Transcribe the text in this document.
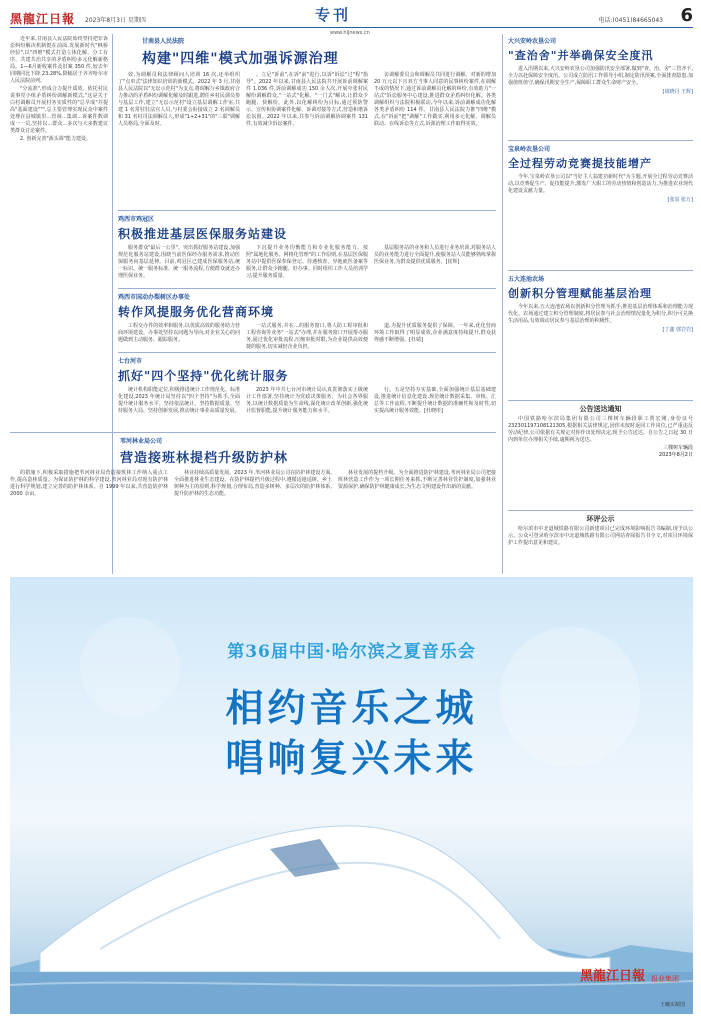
黑龍江日報 2023年8月3日 星期四	专刊
www.hljnews.cn
电话:(0451)84665043 6

近年来,甘南县人民法院始终坚持把非诉讼纠纷解决机制挺在前面,发展新时代"枫桥经验",以"四维"模式打造立体化解、分工有序、共建共治共享的矛盾纠纷多元化解新格局。1—6月新收案件及旧案 350 件,较去年同期同比下降 23.28%,降幅居于齐齐哈尔市人民法院前列。

"分流准",形成合力提升质效。依托村民说事党小组矛盾纠纷调解新模式,"这是关于白村调解员开展村务实质性的"总早成"并提高"基面建设""",总主要管理实现民众中案件处理在县城镇里...管调...集调...诉案件数调成一一员,坚持以...群众...多次与大多数建议类群众讨论案件。

2. 创新完善"源头调"能力建设。

甘南县人民法院
构建"四维"模式加强诉源治理

效,为调解员和法律顾问人培训 16 次,还举组织了"点单式"法律知识培训的新模式。2022 年 3 月,甘南县人民法院以"无讼示范村"为支点,将调解与乡镇政府合力推动的矛盾纠纷调解化解及时跟进,聘任乡村民调员参与基层工作,建立"无讼示范村"设立基层调解工作室,共建 1 名常驻驻法官人员,与村委会衔接成立 2 名调解员和 31 名村司法调解员人,形成"1+2+31"的"三联"调解人员格局,全面及时。

。立足"诉前",在诉"前"进行,以诉"诉讼"过"程"指导"。2022 年以来,甘南县人民法院共开展诉前调解案件 1,036 件,诉前调解成功 150 余人次,开展夸张村民解纷调解群众,"一站式"化解、"一门式"解决,让群众少跑腿、快解纷。此外,以化解纠纷为目标,通过预防警示、宣传和协调案件化解、诉调对接等方式,营造和谐诉讼氛围。2022 年以来,共参与诉前调解协调案件 131 件,有效减少诉讼案件。

访调解委员会和调解员共同进行调解。对新的增加 20 万元以下且双方当事人同意的民事纠纷案件,在调解不成的情况下,通过诉前调解员化解的纠纷,有效助力"一站式"诉讼服务中心建设,推进群众矛盾纠纷化解。各类调解组织与法院积极联动,今年以来,诉前调解成功化解各类矛盾纠纷 114 件。甘南县人民法院力推"四维"模式,在"诉前"把"调解"工作做实,利用多元化解、调解员联动、在线诉讼等方式,诉源治理工作取得实效。

鸡西市鸡冠区
积极推进基层医保服务站建设

服务群众"最后一公里"。突出抓好服务站建设,加强规范化服务站建设,围绕当前医保经办服务需求,推动医保服务向基层延伸。目前,鸡冠区已建成医保服务站,统一标识、统一服务标准、统一服务流程,方便群众就近办理医保业务。

下沉提升业务均衡能力和专业化服务能力。按照"属地化服务、网格化管理"的工作原则,在基层医保服务站中提供医保参保登记、待遇核查、异地就医备案等服务,让群众少跑腿、好办事。同时组织工作人员培训学习,提升服务质量。

基层服务站的业务和人员进行业务培训,对服务站人员的业务能力进行全面提升,使服务站人员能够熟练掌握医保业务,为群众提供优质服务。[崔辉]

鸡西市国动办梨树区办事处
转作风提服务优化营商环境

工程交办件的效率和服务,以优质高效的服务助力营商环境建设。办事处坚持以问题为导向,对企业关心的问题做到主动服务、跟踪服务。

一站式服务,并在...的服务窗口,将人防工程审批和工程咨询等业务"一站式"办理,并在服务窗口开展帮办服务,通过优化审批流程,压缩审批时限,为企业提供高效便捷的服务,切实减轻企业负担。

道,为提升优质服务提供了保障。一年来,优化营商环境工作取得了明显成效,企业满意度持续提升,群众获得感不断增强。[杜婧]

七台河市
抓好"四个坚持"优化统计服务

统计机构职能定位,积极推进统计工作规范化、标准化建设,2023 年统计局坚持以"四个坚持"为抓手,全面提升统计服务水平。坚持依法统计、坚持数据质量、坚持服务大局、坚持创新发展,推动统计事业高质量发展。

2023 年中共七台河市统计局认真贯彻落实上级统计工作部署,坚持统计为党政决策服务、为社会各界服务,以统计数据质量为生命线,深化统计改革创新,强化统计监督职能,提升统计服务能力和水平。

行。五是坚持夯实基础,全面加强统计基层基础建设,推进统计信息化建设,规范统计数据采集、审核、汇总等工作流程,不断提升统计数据的准确性和及时性,切实提高统计服务效能。[杜晓彤]

苇河林业局公司
营造接班林提档升级防护林

的措施下,积极采取措施把苇河林业局营造接班林工作纳入重点工作,提高造林质量。为保证防护林的科学建设,苇河林业局对现有防护林进行科学规划,建立完善的防护林体系。自 1999 年以来,共营造防护林 2000 余亩。

林业持续高质量发展。2023 年,苇河林业局公司在防护林建设方面,全面推进林业生态建设。在防护林提档升级过程中,遵循适地适树、乡土树种为主的原则,科学规划,合理布局,营造多树种、多层次的防护林体系,提升防护林的生态功能。

林业发展的提档升级。为全面推进防护林建设,苇河林业局公司把接班林营造工作作为一项长期任务来抓,不断完善林业管护制度,加强林业资源保护,确保防护林健康成长,为生态文明建设作出新的贡献。

大兴安岭农垦公司
"查治舍"并举确保安全度汛

进入汛期以来,大兴安岭农垦公司加强防汛安全部署,做到"查、治、舍"三管齐下,全力以赴保障安全度汛。公司成立防汛工作领导小组,制定防汛预案,全面排查隐患,加强值班值守,确保汛期安全生产,保障职工群众生命财产安全。

[胡晓丹 王辉]
宝泉岭农垦公司
全过程劳动竞赛提技能增产

今年,宝泉岭农垦公司以"当好主人翁建功新时代"为主题,开展全过程劳动竞赛活动,以竞赛促生产、促技能提升,激发广大职工的劳动热情和创造活力,为推进农业现代化建设贡献力量。

[张泉 张万]
五大连池农场
创新积分管理赋能基层治理

今年以来,五大连池农场以创新积分管理为抓手,推进基层治理体系和治理能力现代化。农场通过建立积分管理制度,将居民参与社会治理情况量化为积分,积分可兑换生活用品,有效调动居民参与基层治理的积极性。

[丁鑫 郭岩岩]
公告送达通知

中国铁路哈尔滨局集团有限公司三棵树车辆段职工贾宏刚,身份证号 232301197108121305,根据相关法律规定,因你未按时返回工作岗位,已严重违反劳动纪律,公司依据有关规定对你作出处理决定,现予公告送达。自公告之日起 30 日内到单位办理相关手续,逾期视为送达。

三棵树车辆段
2023年8月2日
环评公示

哈尔滨市中北道城铁路有限公司新建项目已完成环境影响报告书编制,现予以公示。公众可登录哈尔滨市中北道城铁路有限公司网站查阅报告书全文,对项目环境保护工作提出意见和建议。

第36届中国·哈尔滨之夏音乐会
相约音乐之城
唱响复兴未来
黑龍江日報 报业集团
王曦实制图
